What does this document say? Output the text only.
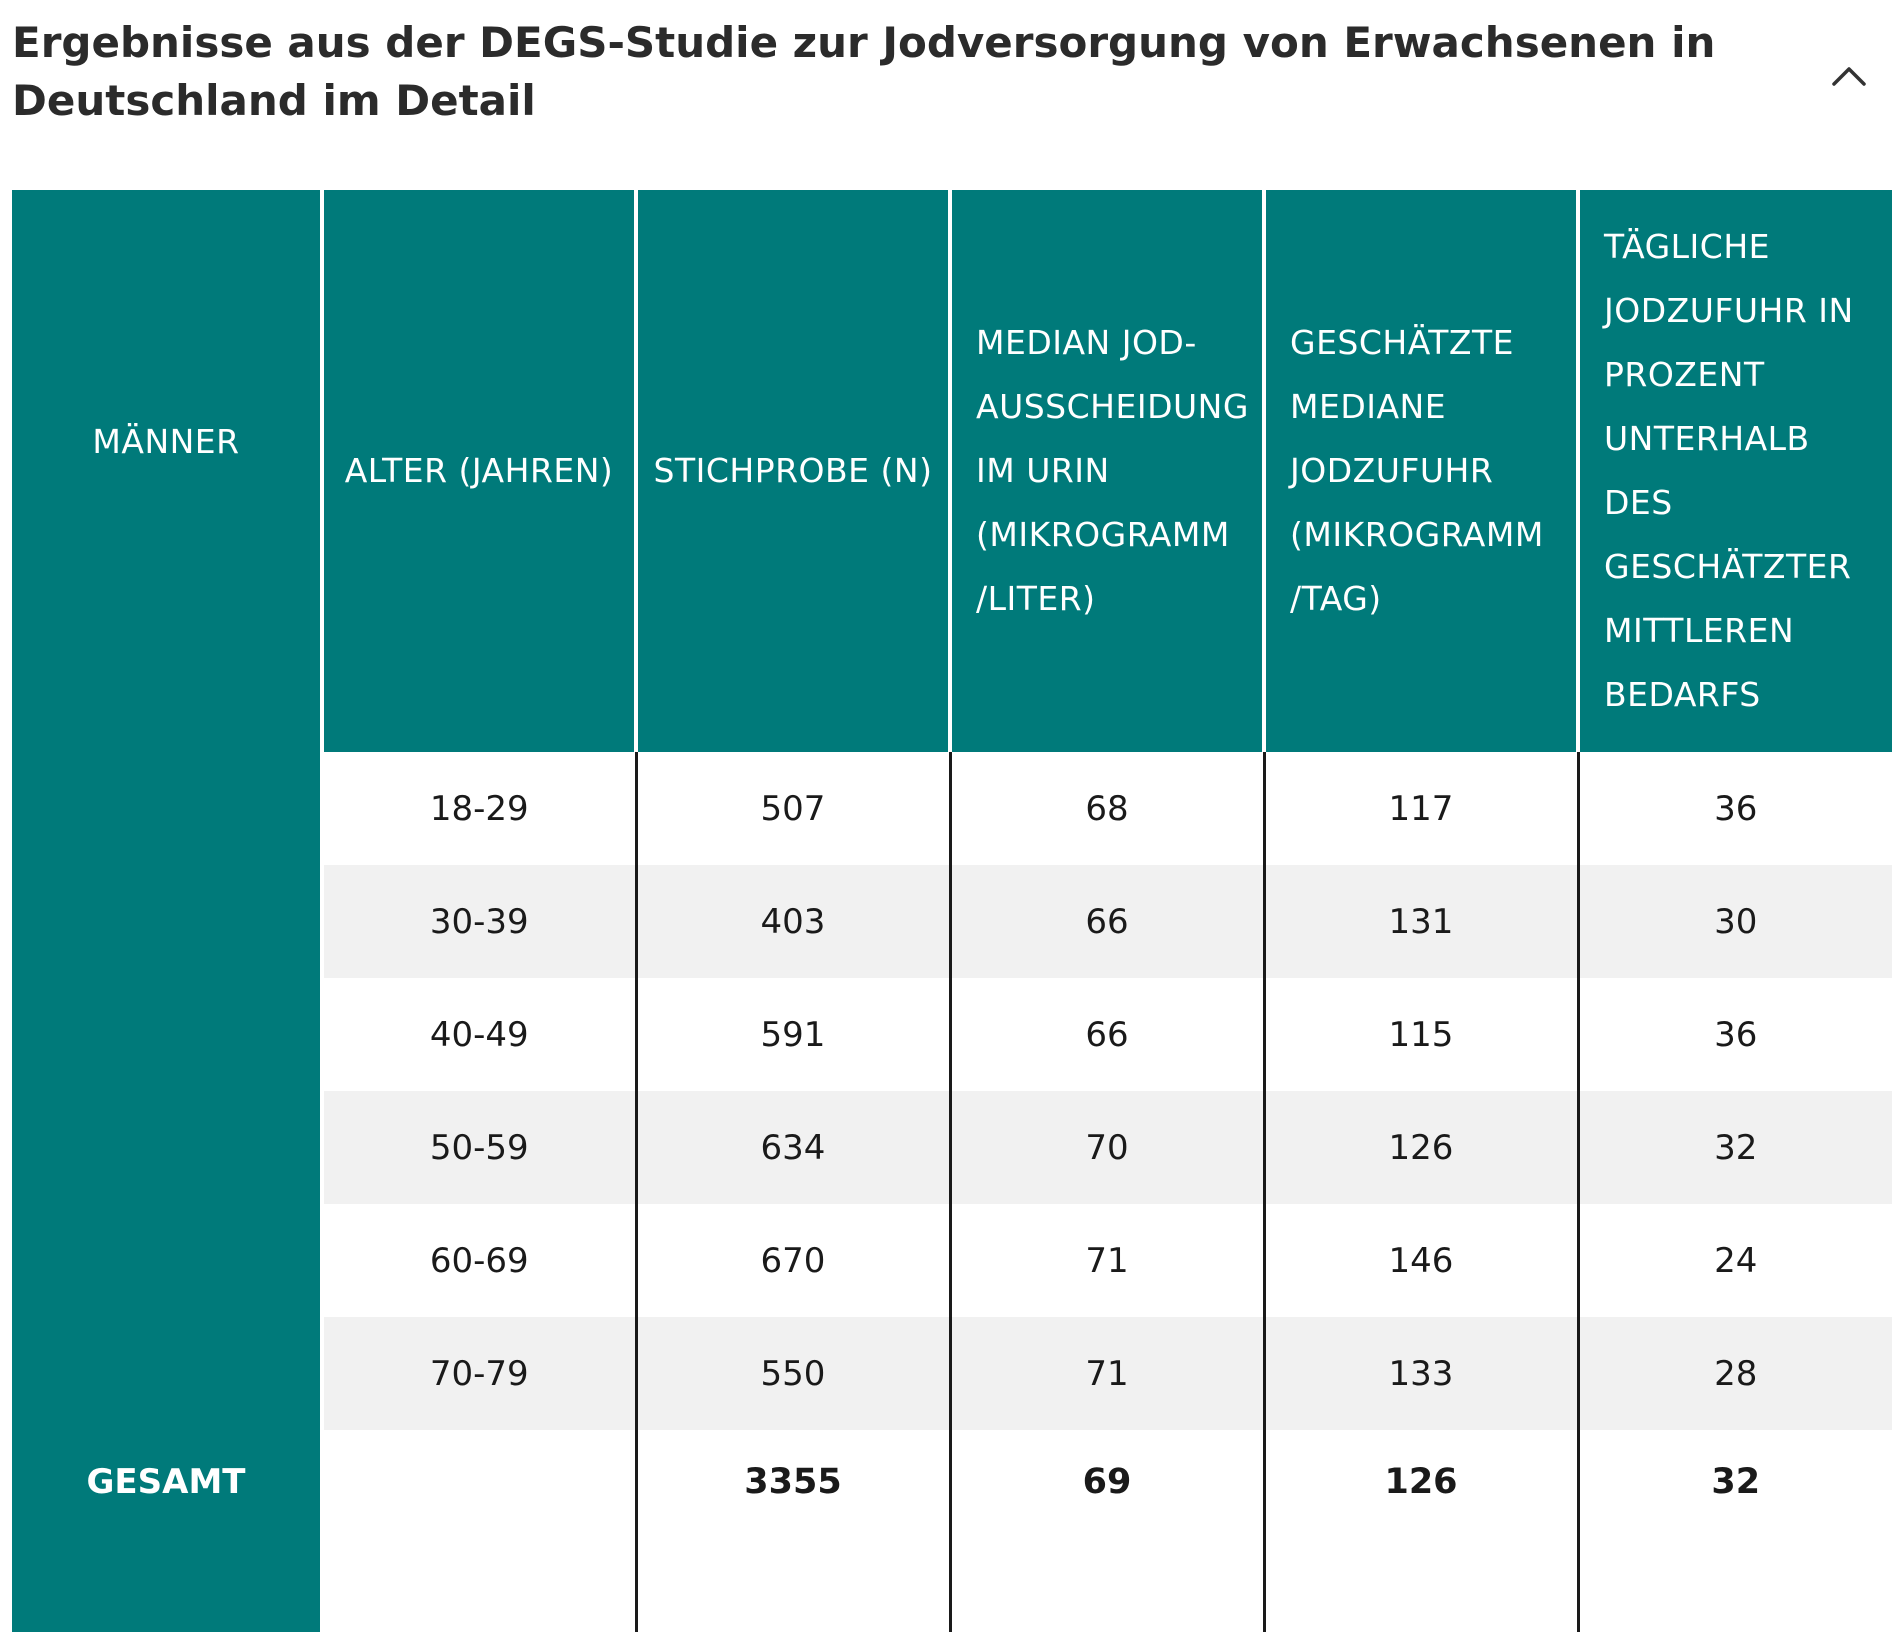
Ergebnisse aus der DEGS-Studie zur Jodversorgung von Erwachsenen in Deutschland im Detail
MÄNNER	ALTER (JAHREN)	STICHPROBE (N)	MEDIAN JOD-AUSSCHEIDUNG IM URIN (MIKROGRAMM /LITER)	GESCHÄTZTE MEDIANE JODZUFUHR (MIKROGRAMM /TAG)	TÄGLICHE JODZUFUHR IN PROZENT UNTERHALB DES GESCHÄTZTER MITTLEREN BEDARFS
	18-29	507	68	117	36
	30-39	403	66	131	30
	40-49	591	66	115	36
	50-59	634	70	126	32
	60-69	670	71	146	24
	70-79	550	71	133	28
GESAMT		3355	69	126	32
